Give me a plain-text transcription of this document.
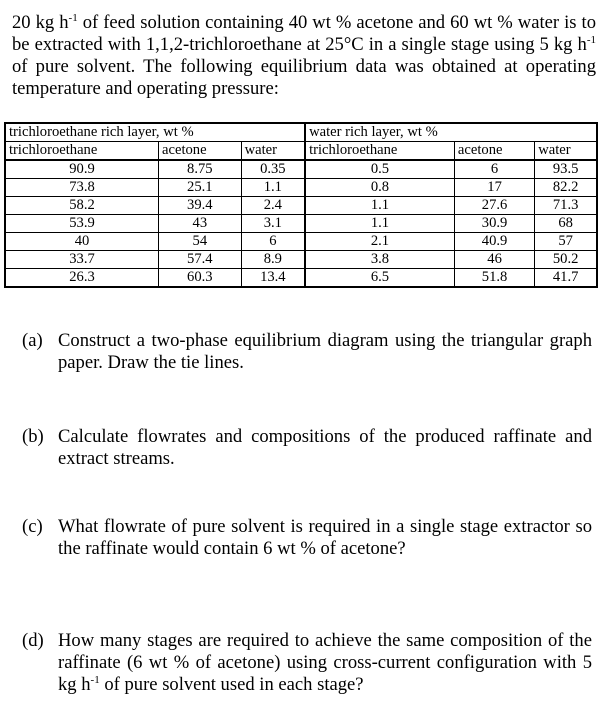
20 kg $h^{-1}$ of feed solution containing 40 wt % acetone and 60 wt % water is to be extracted with 1,1,2-trichloroethane at 25°C in a single stage using 5 kg $h^{-1}$ of pure solvent. The following equilibrium data was obtained at operating temperature and operating pressure:
trichloroethane rich layer, wt %			water rich layer, wt %		
trichloroethane	acetone	water	trichloroethane	acetone	water
90.9	8.75	0.35	0.5	6	93.5
73.8	25.1	1.1	0.8	17	82.2
58.2	39.4	2.4	1.1	27.6	71.3
53.9	43	3.1	1.1	30.9	68
40	54	6	2.1	40.9	57
33.7	57.4	8.9	3.8	46	50.2
26.3	60.3	13.4	6.5	51.8	41.7
(a) Construct a two-phase equilibrium diagram using the triangular graph paper. Draw the tie lines.
(b) Calculate flowrates and compositions of the produced raffinate and extract streams.
(c) What flowrate of pure solvent is required in a single stage extractor so the raffinate would contain 6 wt % of acetone?
(d) How many stages are required to achieve the same composition of the raffinate (6 wt % of acetone) using cross-current configuration with 5 kg $h^{-1}$ of pure solvent used in each stage?
